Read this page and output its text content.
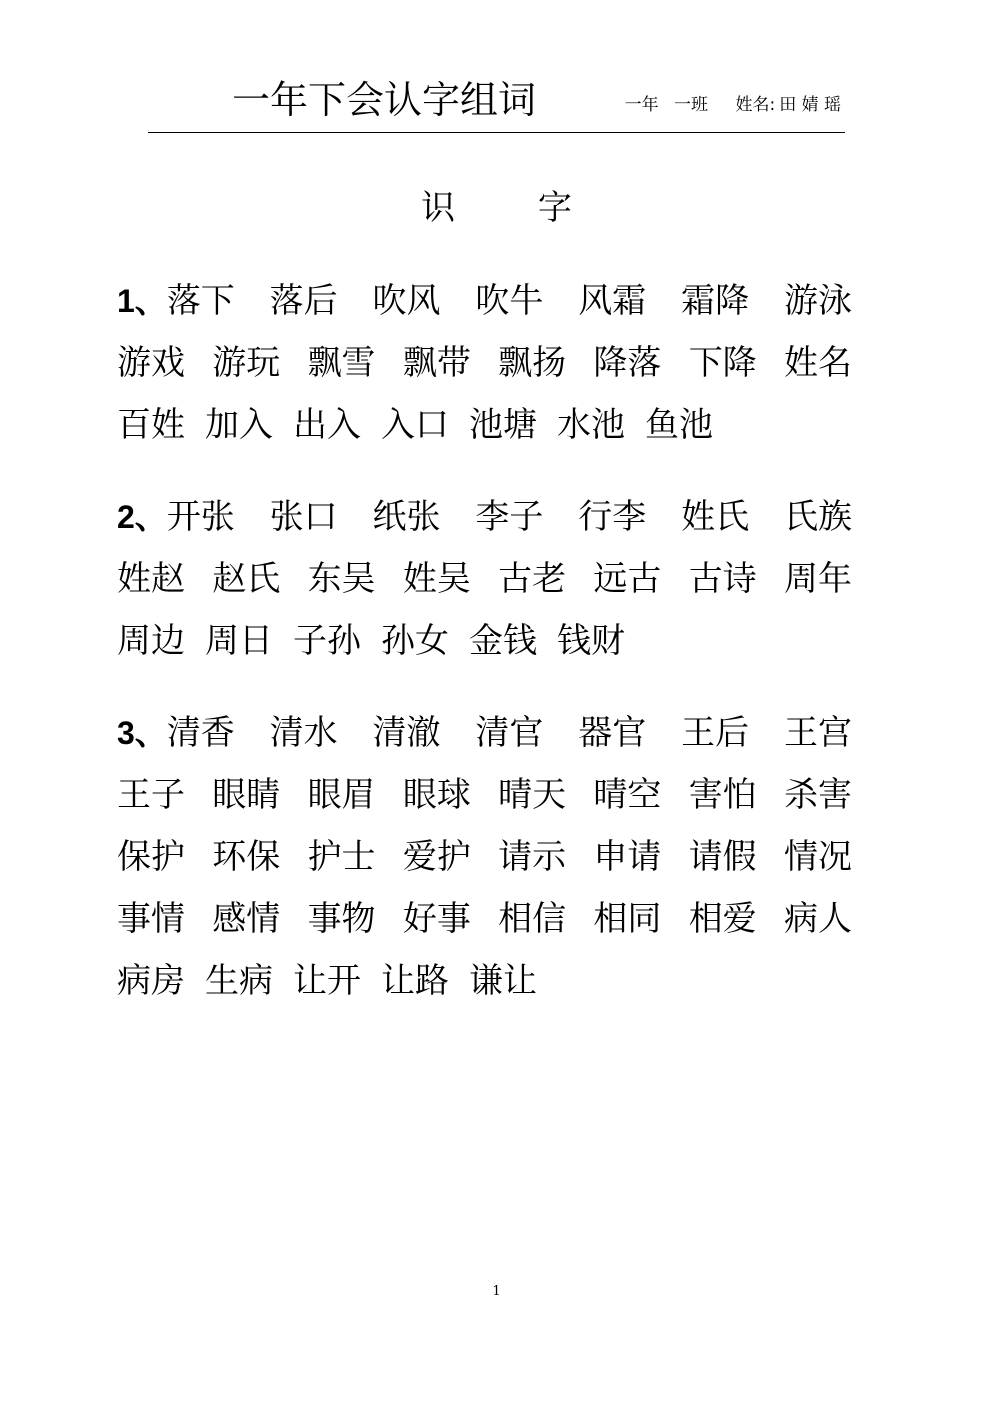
一年下会认字组词	一年 一班 姓名: 田 婧 瑶
识 字
1、落下 落后 吹风 吹牛 风霜 霜降 游泳
游戏 游玩 飘雪 飘带 飘扬 降落 下降 姓名
百姓 加入 出入 入口 池塘 水池 鱼池
2、开张 张口 纸张 李子 行李 姓氏 氏族
姓赵 赵氏 东吴 姓吴 古老 远古 古诗 周年
周边 周日 子孙 孙女 金钱 钱财
3、清香 清水 清澈 清官 器官 王后 王宫
王子 眼睛 眼眉 眼球 晴天 晴空 害怕 杀害
保护 环保 护士 爱护 请示 申请 请假 情况
事情 感情 事物 好事 相信 相同 相爱 病人
病房 生病 让开 让路 谦让
1
